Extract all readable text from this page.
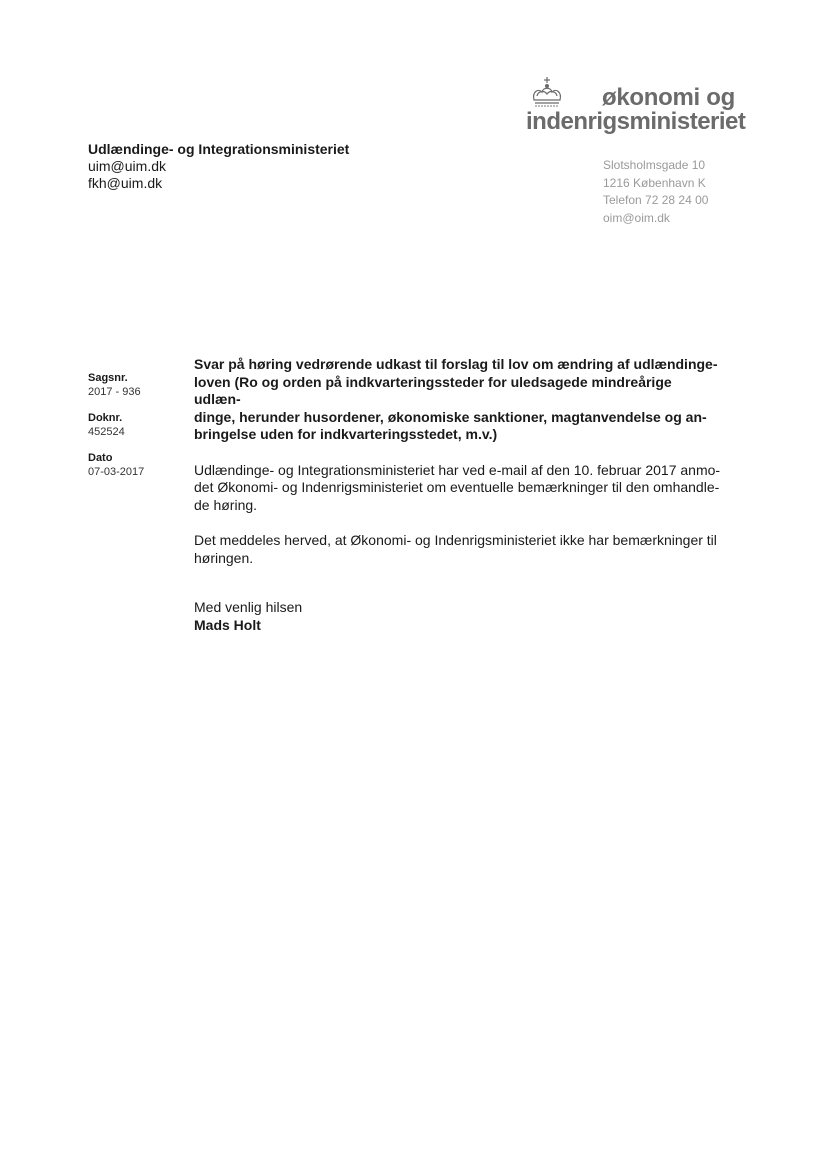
økonomi og
indenrigsministeriet
Udlændinge- og Integrationsministeriet
uim@uim.dk
fkh@uim.dk
Slotsholmsgade 10
1216 København K
Telefon 72 28 24 00
oim@oim.dk
Sagsnr.
2017 - 936
Doknr.
452524
Dato
07-03-2017
Svar på høring vedrørende udkast til forslag til lov om ændring af udlændinge-
loven (Ro og orden på indkvarteringssteder for uledsagede mindreårige udlæn-
dinge, herunder husordener, økonomiske sanktioner, magtanvendelse og an-
bringelse uden for indkvarteringsstedet, m.v.)
Udlændinge- og Integrationsministeriet har ved e-mail af den 10. februar 2017 anmo-
det Økonomi- og Indenrigsministeriet om eventuelle bemærkninger til den omhandle-
de høring.
Det meddeles herved, at Økonomi- og Indenrigsministeriet ikke har bemærkninger til
høringen.
Med venlig hilsen
Mads Holt
